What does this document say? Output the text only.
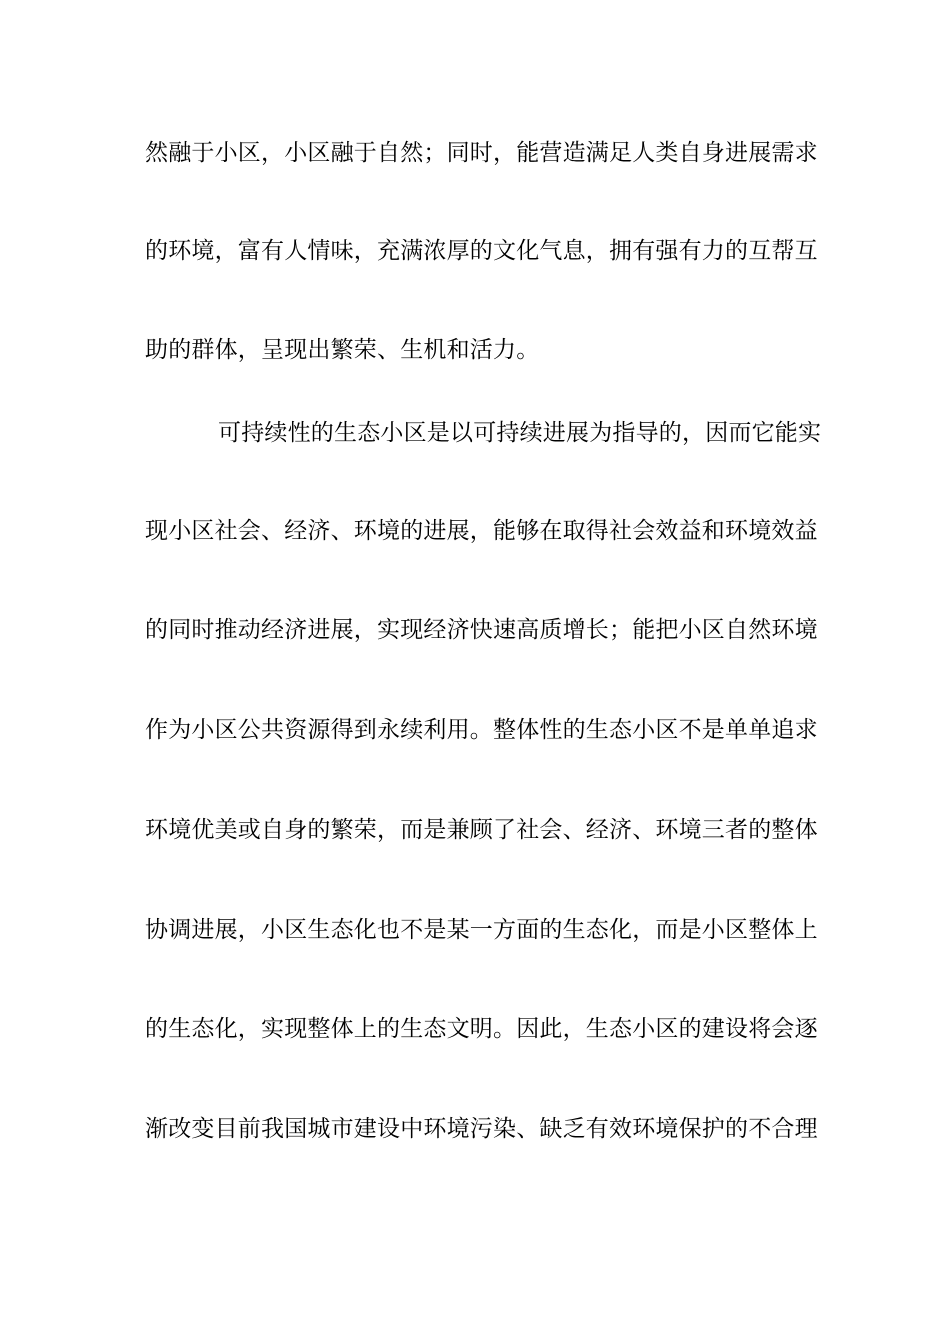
然融于小区，小区融于自然；同时，能营造满足人类自身进展需求
的环境，富有人情味，充满浓厚的文化气息，拥有强有力的互帮互
助的群体，呈现出繁荣、生机和活力。
可持续性的生态小区是以可持续进展为指导的，因而它能实
现小区社会、经济、环境的进展，能够在取得社会效益和环境效益
的同时推动经济进展，实现经济快速高质增长；能把小区自然环境
作为小区公共资源得到永续利用。整体性的生态小区不是单单追求
环境优美或自身的繁荣，而是兼顾了社会、经济、环境三者的整体
协调进展，小区生态化也不是某一方面的生态化，而是小区整体上
的生态化，实现整体上的生态文明。因此，生态小区的建设将会逐
渐改变目前我国城市建设中环境污染、缺乏有效环境保护的不合理
